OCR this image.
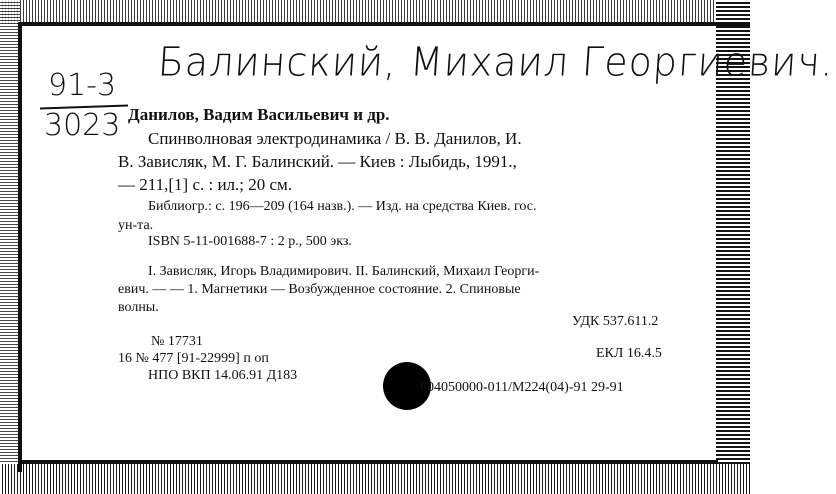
Балинский, Михаил Георгиевич.
91-3
3023 Данилов, Вадим Васильевич и др.
Спинволновая электродинамика / В. В. Данилов, И.
В. Зависляк, М. Г. Балинский. — Киев : Лыбидь, 1991.,
— 211,[1] с. : ил.; 20 см.
Библиогр.: с. 196—209 (164 назв.). — Изд. на средства Киев. гос.
ун-та.
ISBN 5-11-001688-7 : 2 р., 500 экз.
I. Зависляк, Игорь Владимирович. II. Балинский, Михаил Георги-
евич. — — 1. Магнетики — Возбужденное состояние. 2. Спиновые
волны.
УДК 537.611.2
№ 17731
16 № 477 [91-22999] п оп	ЕКЛ 16.4.5
НПО ВКП 14.06.91 Д183
604050000-011/М224(04)-91 29-91
